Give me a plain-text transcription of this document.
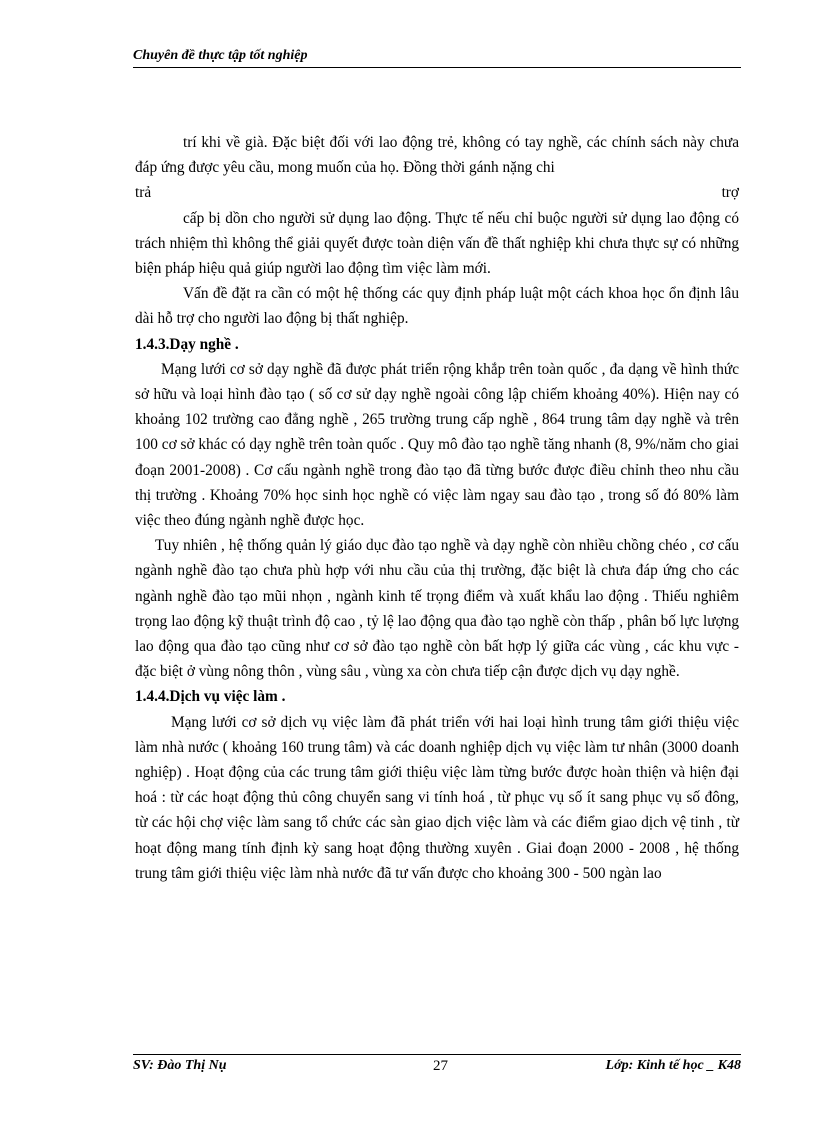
Chuyên đề thực tập tốt nghiệp

trí khi về già. Đặc biệt đối với lao động trẻ, không có tay nghề, các chính sách này chưa đáp ứng được yêu cầu, mong muốn của họ. Đồng thời gánh nặng chi

trả	trợ

cấp bị dồn cho người sử dụng lao động. Thực tế nếu chỉ buộc người sử dụng lao động có trách nhiệm thì không thể giải quyết được toàn diện vấn đề thất nghiệp khi chưa thực sự có những biện pháp hiệu quả giúp người lao động tìm việc làm mới.

Vấn đề đặt ra cần có một hệ thống các quy định pháp luật một cách khoa học ổn định lâu dài hỗ trợ cho người lao động bị thất nghiệp.

1.4.3.Dạy nghề .

Mạng lưới cơ sở dạy nghề đã được phát triển rộng khắp trên toàn quốc , đa dạng về hình thức sở hữu và loại hình đào tạo ( số cơ sử dạy nghề ngoài công lập chiếm khoảng 40%). Hiện nay có khoảng 102 trường cao đẳng nghề , 265 trường trung cấp nghề , 864 trung tâm dạy nghề và trên 100 cơ sở khác có dạy nghề trên toàn quốc . Quy mô đào tạo nghề tăng nhanh (8, 9%/năm cho giai đoạn 2001-2008) . Cơ cấu ngành nghề trong đào tạo đã từng bước được điều chỉnh theo nhu cầu thị trường . Khoảng 70% học sinh học nghề có việc làm ngay sau đào tạo , trong số đó 80% làm việc theo đúng ngành nghề được học.

Tuy nhiên , hệ thống quản lý giáo dục đào tạo nghề và dạy nghề còn nhiều chồng chéo , cơ cấu ngành nghề đào tạo chưa phù hợp với nhu cầu của thị trường, đặc biệt là chưa đáp ứng cho các ngành nghề đào tạo mũi nhọn , ngành kinh tế trọng điểm và xuất khẩu lao động . Thiếu nghiêm trọng lao động kỹ thuật trình độ cao , tỷ lệ lao động qua đào tạo nghề còn thấp , phân bố lực lượng lao động qua đào tạo cũng như cơ sở đào tạo nghề còn bất hợp lý giữa các vùng , các khu vực - đặc biệt ở vùng nông thôn , vùng sâu , vùng xa còn chưa tiếp cận được dịch vụ dạy nghề.

1.4.4.Dịch vụ việc làm .

Mạng lưới cơ sở dịch vụ việc làm đã phát triển với hai loại hình trung tâm giới thiệu việc làm nhà nước ( khoảng 160 trung tâm) và các doanh nghiệp dịch vụ việc làm tư nhân (3000 doanh nghiệp) . Hoạt động của các trung tâm giới thiệu việc làm từng bước được hoàn thiện và hiện đại hoá : từ các hoạt động thủ công chuyển sang vi tính hoá , từ phục vụ số ít sang phục vụ số đông, từ các hội chợ việc làm sang tổ chức các sàn giao dịch việc làm và các điểm giao dịch vệ tinh , từ hoạt động mang tính định kỳ sang hoạt động thường xuyên . Giai đoạn 2000 - 2008 , hệ thống trung tâm giới thiệu việc làm nhà nước đã tư vấn được cho khoảng 300 - 500 ngàn lao

SV: Đào Thị Nụ	27	Lớp: Kinh tế học _ K48
